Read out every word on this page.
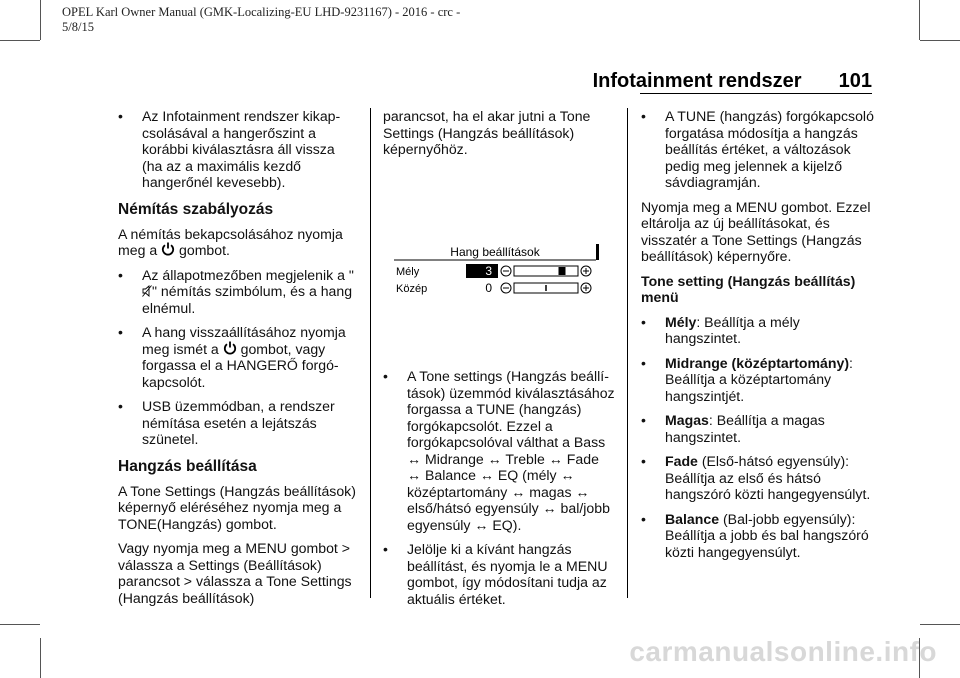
OPEL Karl Owner Manual (GMK-Localizing-EU LHD-9231167) - 2016 - crc -
5/8/15
Infotainment rendszer 101
•	Az Infotainment rendszer kikapcsolásával a hangerőszint a korábbi kiválasztásra áll vissza (ha az a maximális kezdő hangerőnél kevesebb).
Némítás szabályozás

A némítás bekapcsolásához nyomja meg a gombot.

•	Az állapotmezőben megjelenik a "" némítás szimbólum, és a hang elnémul.
•	A hang visszaállításához nyomja meg ismét a gombot, vagy forgassa el a HANGERŐ forgókapcsolót.
•	USB üzemmódban, a rendszer némítása esetén a lejátszás szünetel.
Hangzás beállítása

A Tone Settings (Hangzás beállítások) képernyő eléréséhez nyomja meg a TONE(Hangzás) gombot.

Vagy nyomja meg a MENU gombot > válassza a Settings (Beállítások) parancsot > válassza a Tone Settings (Hangzás beállítások)

parancsot, ha el akar jutni a Tone Settings (Hangzás beállítások) képernyőhöz.

Hang beállítások
Mély	3
Közép	0
•	A Tone settings (Hangzás beállítások) üzemmód kiválasztásához forgassa a TUNE (hangzás) forgókapcsolót. Ezzel a forgókapcsolóval válthat a Bass ↔ Midrange ↔ Treble ↔ Fade ↔ Balance ↔ EQ (mély ↔ középtartomány ↔ magas ↔ első/hátsó egyensúly ↔ bal/jobb egyensúly ↔ EQ).
•	Jelölje ki a kívánt hangzás beállítást, és nyomja le a MENU gombot, így módosítani tudja az aktuális értéket.
•	A TUNE (hangzás) forgókapcsoló forgatása módosítja a hangzás beállítás értéket, a változások pedig meg jelennek a kijelző sávdiagramján.

Nyomja meg a MENU gombot. Ezzel eltárolja az új beállításokat, és visszatér a Tone Settings (Hangzás beállítások) képernyőre.

Tone setting (Hangzás beállítás) menü

•	Mély: Beállítja a mély hangszintet.
•	Midrange (középtartomány): Beállítja a középtartomány hangszintjét.
•	Magas: Beállítja a magas hangszintet.
•	Fade (Első-hátsó egyensúly): Beállítja az első és hátsó hangszóró közti hangegyensúlyt.
•	Balance (Bal-jobb egyensúly): Beállítja a jobb és bal hangszóró közti hangegyensúlyt.
carmanualsonline.info
